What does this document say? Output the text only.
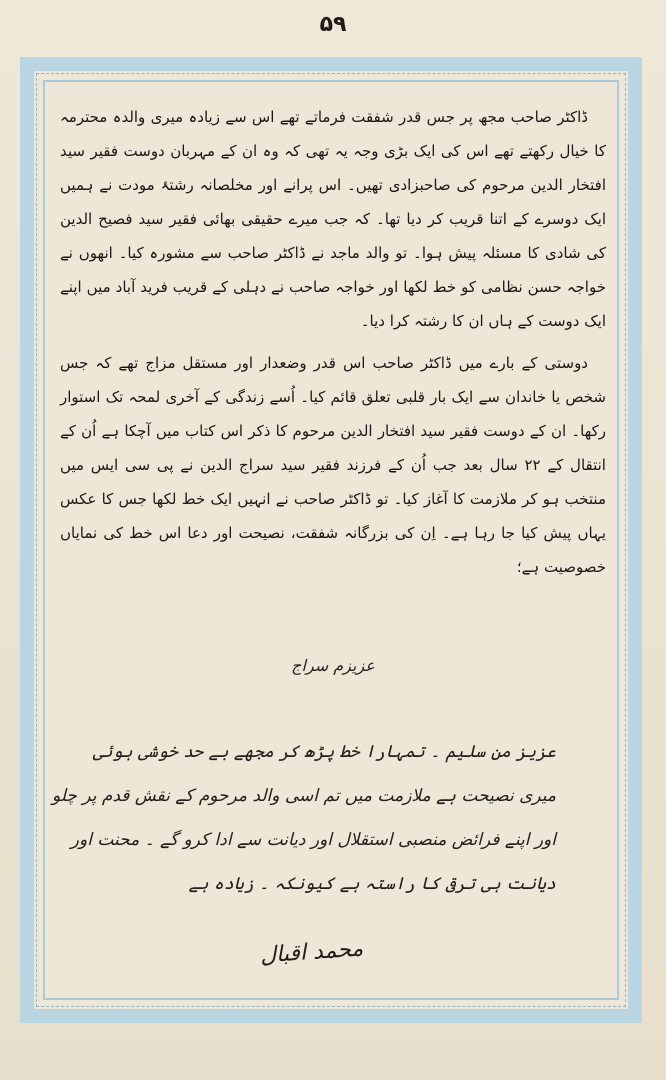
۵۹

ڈاکٹر صاحب مجھ پر جس قدر شفقت فرماتے تھے اس سے زیادہ میری والدہ محترمہ کا خیال رکھتے تھے اس کی ایک بڑی وجہ یہ تھی کہ وہ ان کے مہربان دوست فقیر سید افتخار الدین مرحوم کی صاحبزادی تھیں۔ اس پرانے اور مخلصانہ رشتۂ مودت نے ہمیں ایک دوسرے کے اتنا قریب کر دیا تھا۔ کہ جب میرے حقیقی بھائی فقیر سید فصیح الدین کی شادی کا مسئلہ پیش ہوا۔ تو والد ماجد نے ڈاکٹر صاحب سے مشورہ کیا۔ انھوں نے خواجہ حسن نظامی کو خط لکھا اور خواجہ صاحب نے دہلی کے قریب فرید آباد میں اپنے ایک دوست کے ہاں ان کا رشتہ کرا دیا۔

دوستی کے بارے میں ڈاکٹر صاحب اس قدر وضعدار اور مستقل مزاج تھے کہ جس شخص یا خاندان سے ایک بار قلبی تعلق قائم کیا۔ اُسے زندگی کے آخری لمحہ تک استوار رکھا۔ ان کے دوست فقیر سید افتخار الدین مرحوم کا ذکر اس کتاب میں آچکا ہے اُن کے انتقال کے ۲۲ سال بعد جب اُن کے فرزند فقیر سید سراج الدین نے پی سی ایس میں منتخب ہو کر ملازمت کا آغاز کیا۔ تو ڈاکٹر صاحب نے انہیں ایک خط لکھا جس کا عکس یہاں پیش کیا جا رہا ہے۔ اِن کی بزرگانہ شفقت، نصیحت اور دعا اس خط کی نمایاں خصوصیت ہے؛

عزیزم سراج
عزیز من سلیم ۔ تمہارا خط پڑھ کر مجھے بے حد خوشی ہوئی
میری نصیحت ہے ملازمت میں تم اسی والد مرحوم کے نقش قدم پر چلو
اور اپنے فرائض منصبی استقلال اور دیانت سے ادا کرو گے ۔ محنت اور
دیانت ہی ترقی کا راستہ ہے کیونکہ ۔ زیادہ ہے
محمد اقبال
